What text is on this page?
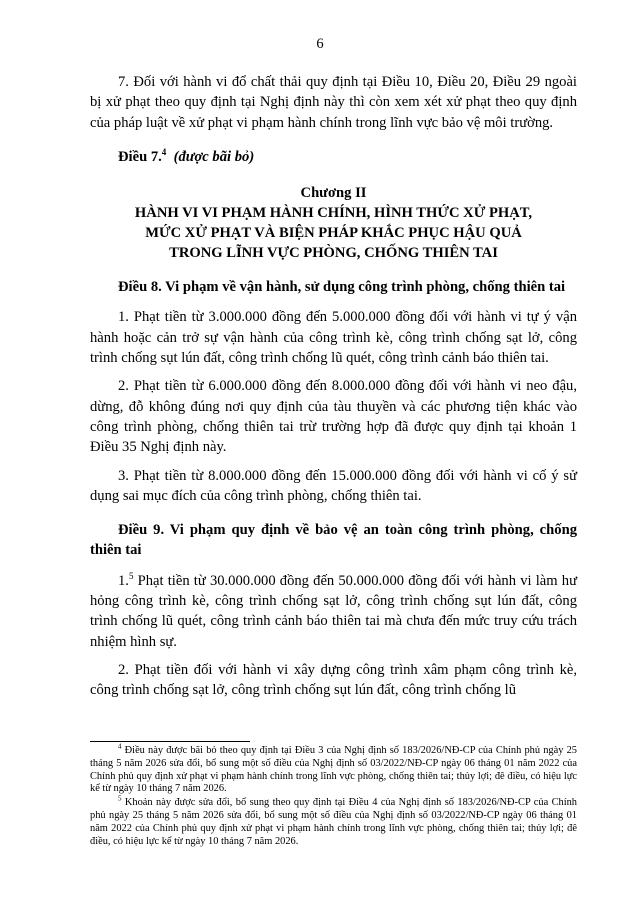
6

7. Đối với hành vi đổ chất thải quy định tại Điều 10, Điều 20, Điều 29 ngoài bị xử phạt theo quy định tại Nghị định này thì còn xem xét xử phạt theo quy định của pháp luật về xử phạt vi phạm hành chính trong lĩnh vực bảo vệ môi trường.

Điều 7.$^4$ (được bãi bỏ)
Chương II
HÀNH VI VI PHẠM HÀNH CHÍNH, HÌNH THỨC XỬ PHẠT,
MỨC XỬ PHẠT VÀ BIỆN PHÁP KHẮC PHỤC HẬU QUẢ
TRONG LĨNH VỰC PHÒNG, CHỐNG THIÊN TAI
Điều 8. Vi phạm về vận hành, sử dụng công trình phòng, chống thiên tai

1. Phạt tiền từ 3.000.000 đồng đến 5.000.000 đồng đối với hành vi tự ý vận hành hoặc cản trở sự vận hành của công trình kè, công trình chống sạt lở, công trình chống sụt lún đất, công trình chống lũ quét, công trình cảnh báo thiên tai.

2. Phạt tiền từ 6.000.000 đồng đến 8.000.000 đồng đối với hành vi neo đậu, dừng, đỗ không đúng nơi quy định của tàu thuyền và các phương tiện khác vào công trình phòng, chống thiên tai trừ trường hợp đã được quy định tại khoản 1 Điều 35 Nghị định này.

3. Phạt tiền từ 8.000.000 đồng đến 15.000.000 đồng đối với hành vi cố ý sử dụng sai mục đích của công trình phòng, chống thiên tai.

Điều 9. Vi phạm quy định về bảo vệ an toàn công trình phòng, chống thiên tai

1.$^5$ Phạt tiền từ 30.000.000 đồng đến 50.000.000 đồng đối với hành vi làm hư hỏng công trình kè, công trình chống sạt lở, công trình chống sụt lún đất, công trình chống lũ quét, công trình cảnh báo thiên tai mà chưa đến mức truy cứu trách nhiệm hình sự.

2. Phạt tiền đối với hành vi xây dựng công trình xâm phạm công trình kè, công trình chống sạt lở, công trình chống sụt lún đất, công trình chống lũ

$^4$ Điều này được bãi bỏ theo quy định tại Điều 3 của Nghị định số 183/2026/NĐ-CP của Chính phủ ngày 25 tháng 5 năm 2026 sửa đổi, bổ sung một số điều của Nghị định số 03/2022/NĐ-CP ngày 06 tháng 01 năm 2022 của Chính phủ quy định xử phạt vi phạm hành chính trong lĩnh vực phòng, chống thiên tai; thủy lợi; đê điều, có hiệu lực kể từ ngày 10 tháng 7 năm 2026.

$^5$ Khoản này được sửa đổi, bổ sung theo quy định tại Điều 4 của Nghị định số 183/2026/NĐ-CP của Chính phủ ngày 25 tháng 5 năm 2026 sửa đổi, bổ sung một số điều của Nghị định số 03/2022/NĐ-CP ngày 06 tháng 01 năm 2022 của Chính phủ quy định xử phạt vi phạm hành chính trong lĩnh vực phòng, chống thiên tai; thủy lợi; đê điều, có hiệu lực kể từ ngày 10 tháng 7 năm 2026.
